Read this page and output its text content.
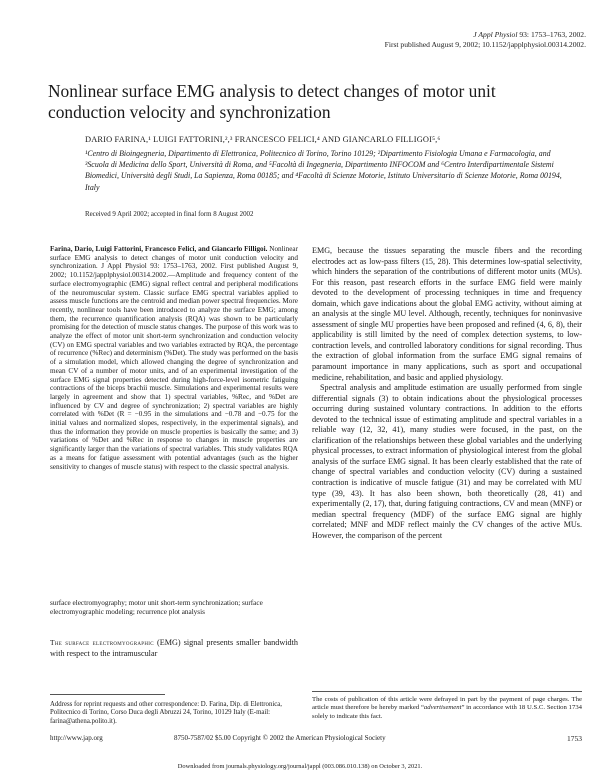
J Appl Physiol 93: 1753–1763, 2002.
First published August 9, 2002; 10.1152/japplphysiol.00314.2002.
Nonlinear surface EMG analysis to detect changes of motor unit conduction velocity and synchronization
DARIO FARINA,¹ LUIGI FATTORINI,²,³ FRANCESCO FELICI,⁴ AND GIANCARLO FILLIGOI⁵,⁶
¹Centro di Bioingegneria, Dipartimento di Elettronica, Politecnico di Torino, Torino 10129; ²Dipartimento Fisiologia Umana e Farmacologia, and ³Scuola di Medicina dello Sport, Università di Roma, and ⁵Facoltà di Ingegneria, Dipartimento INFOCOM and ⁶Centro Interdipartimentale Sistemi Biomedici, Università degli Studi, La Sapienza, Roma 00185; and ⁴Facoltà di Scienze Motorie, Istituto Universitario di Scienze Motorie, Roma 00194, Italy
Received 9 April 2002; accepted in final form 8 August 2002
Farina, Dario, Luigi Fattorini, Francesco Felici, and Giancarlo Filligoi. Nonlinear surface EMG analysis to detect changes of motor unit conduction velocity and synchronization. J Appl Physiol 93: 1753–1763, 2002. First published August 9, 2002; 10.1152/japplphysiol.00314.2002.—Amplitude and frequency content of the surface electromyographic (EMG) signal reflect central and peripheral modifications of the neuromuscular system. Classic surface EMG spectral variables applied to assess muscle functions are the centroid and median power spectral frequencies. More recently, nonlinear tools have been introduced to analyze the surface EMG; among them, the recurrence quantification analysis (RQA) was shown to be particularly promising for the detection of muscle status changes. The purpose of this work was to analyze the effect of motor unit short-term synchronization and conduction velocity (CV) on EMG spectral variables and two variables extracted by RQA, the percentage of recurrence (%Rec) and determinism (%Det). The study was performed on the basis of a simulation model, which allowed changing the degree of synchronization and mean CV of a number of motor units, and of an experimental investigation of the surface EMG signal properties detected during high-force-level isometric fatiguing contractions of the biceps brachii muscle. Simulations and experimental results were largely in agreement and show that 1) spectral variables, %Rec, and %Det are influenced by CV and degree of synchronization; 2) spectral variables are highly correlated with %Det (R = −0.95 in the simulations and −0.78 and −0.75 for the initial values and normalized slopes, respectively, in the experimental signals), and thus the information they provide on muscle properties is basically the same; and 3) variations of %Det and %Rec in response to changes in muscle properties are significantly larger than the variations of spectral variables. This study validates RQA as a means for fatigue assessment with potential advantages (such as the higher sensitivity to changes of muscle status) with respect to the classic spectral analysis.
surface electromyography; motor unit short-term synchronization; surface electromyographic modeling; recurrence plot analysis
The surface electromyographic (EMG) signal presents smaller bandwidth with respect to the intramuscular
Address for reprint requests and other correspondence: D. Farina, Dip. di Elettronica, Politecnico di Torino, Corso Duca degli Abruzzi 24, Torino, 10129 Italy (E-mail: farina@athena.polito.it).

EMG, because the tissues separating the muscle fibers and the recording electrodes act as low-pass filters (15, 28). This determines low-spatial selectivity, which hinders the separation of the contributions of different motor units (MUs). For this reason, past research efforts in the surface EMG field were mainly devoted to the development of processing techniques in time and frequency domain, which gave indications about the global EMG activity, without aiming at an analysis at the single MU level. Although, recently, techniques for noninvasive assessment of single MU properties have been proposed and refined (4, 6, 8), their applicability is still limited by the need of complex detection systems, to low-contraction levels, and controlled laboratory conditions for signal recording. Thus the extraction of global information from the surface EMG signal remains of paramount importance in many applications, such as sport and occupational medicine, rehabilitation, and basic and applied physiology.

Spectral analysis and amplitude estimation are usually performed from single differential signals (3) to obtain indications about the physiological processes occurring during sustained voluntary contractions. In addition to the efforts devoted to the technical issue of estimating amplitude and spectral variables in a reliable way (12, 32, 41), many studies were focused, in the past, on the clarification of the relationships between these global variables and the underlying physical processes, to extract information of physiological interest from the global analysis of the surface EMG signal. It has been clearly established that the rate of change of spectral variables and conduction velocity (CV) during a sustained contraction is indicative of muscle fatigue (31) and may be correlated with MU type (39, 43). It has also been shown, both theoretically (28, 41) and experimentally (2, 17), that, during fatiguing contractions, CV and mean (MNF) or median spectral frequency (MDF) of the surface EMG signal are highly correlated; MNF and MDF reflect mainly the CV changes of the active MUs. However, the comparison of the percent

The costs of publication of this article were defrayed in part by the payment of page charges. The article must therefore be hereby marked “advertisement” in accordance with 18 U.S.C. Section 1734 solely to indicate this fact.
http://www.jap.org	8750-7587/02 $5.00 Copyright © 2002 the American Physiological Society	1753
Downloaded from journals.physiology.org/journal/jappl (003.086.010.138) on October 3, 2021.
